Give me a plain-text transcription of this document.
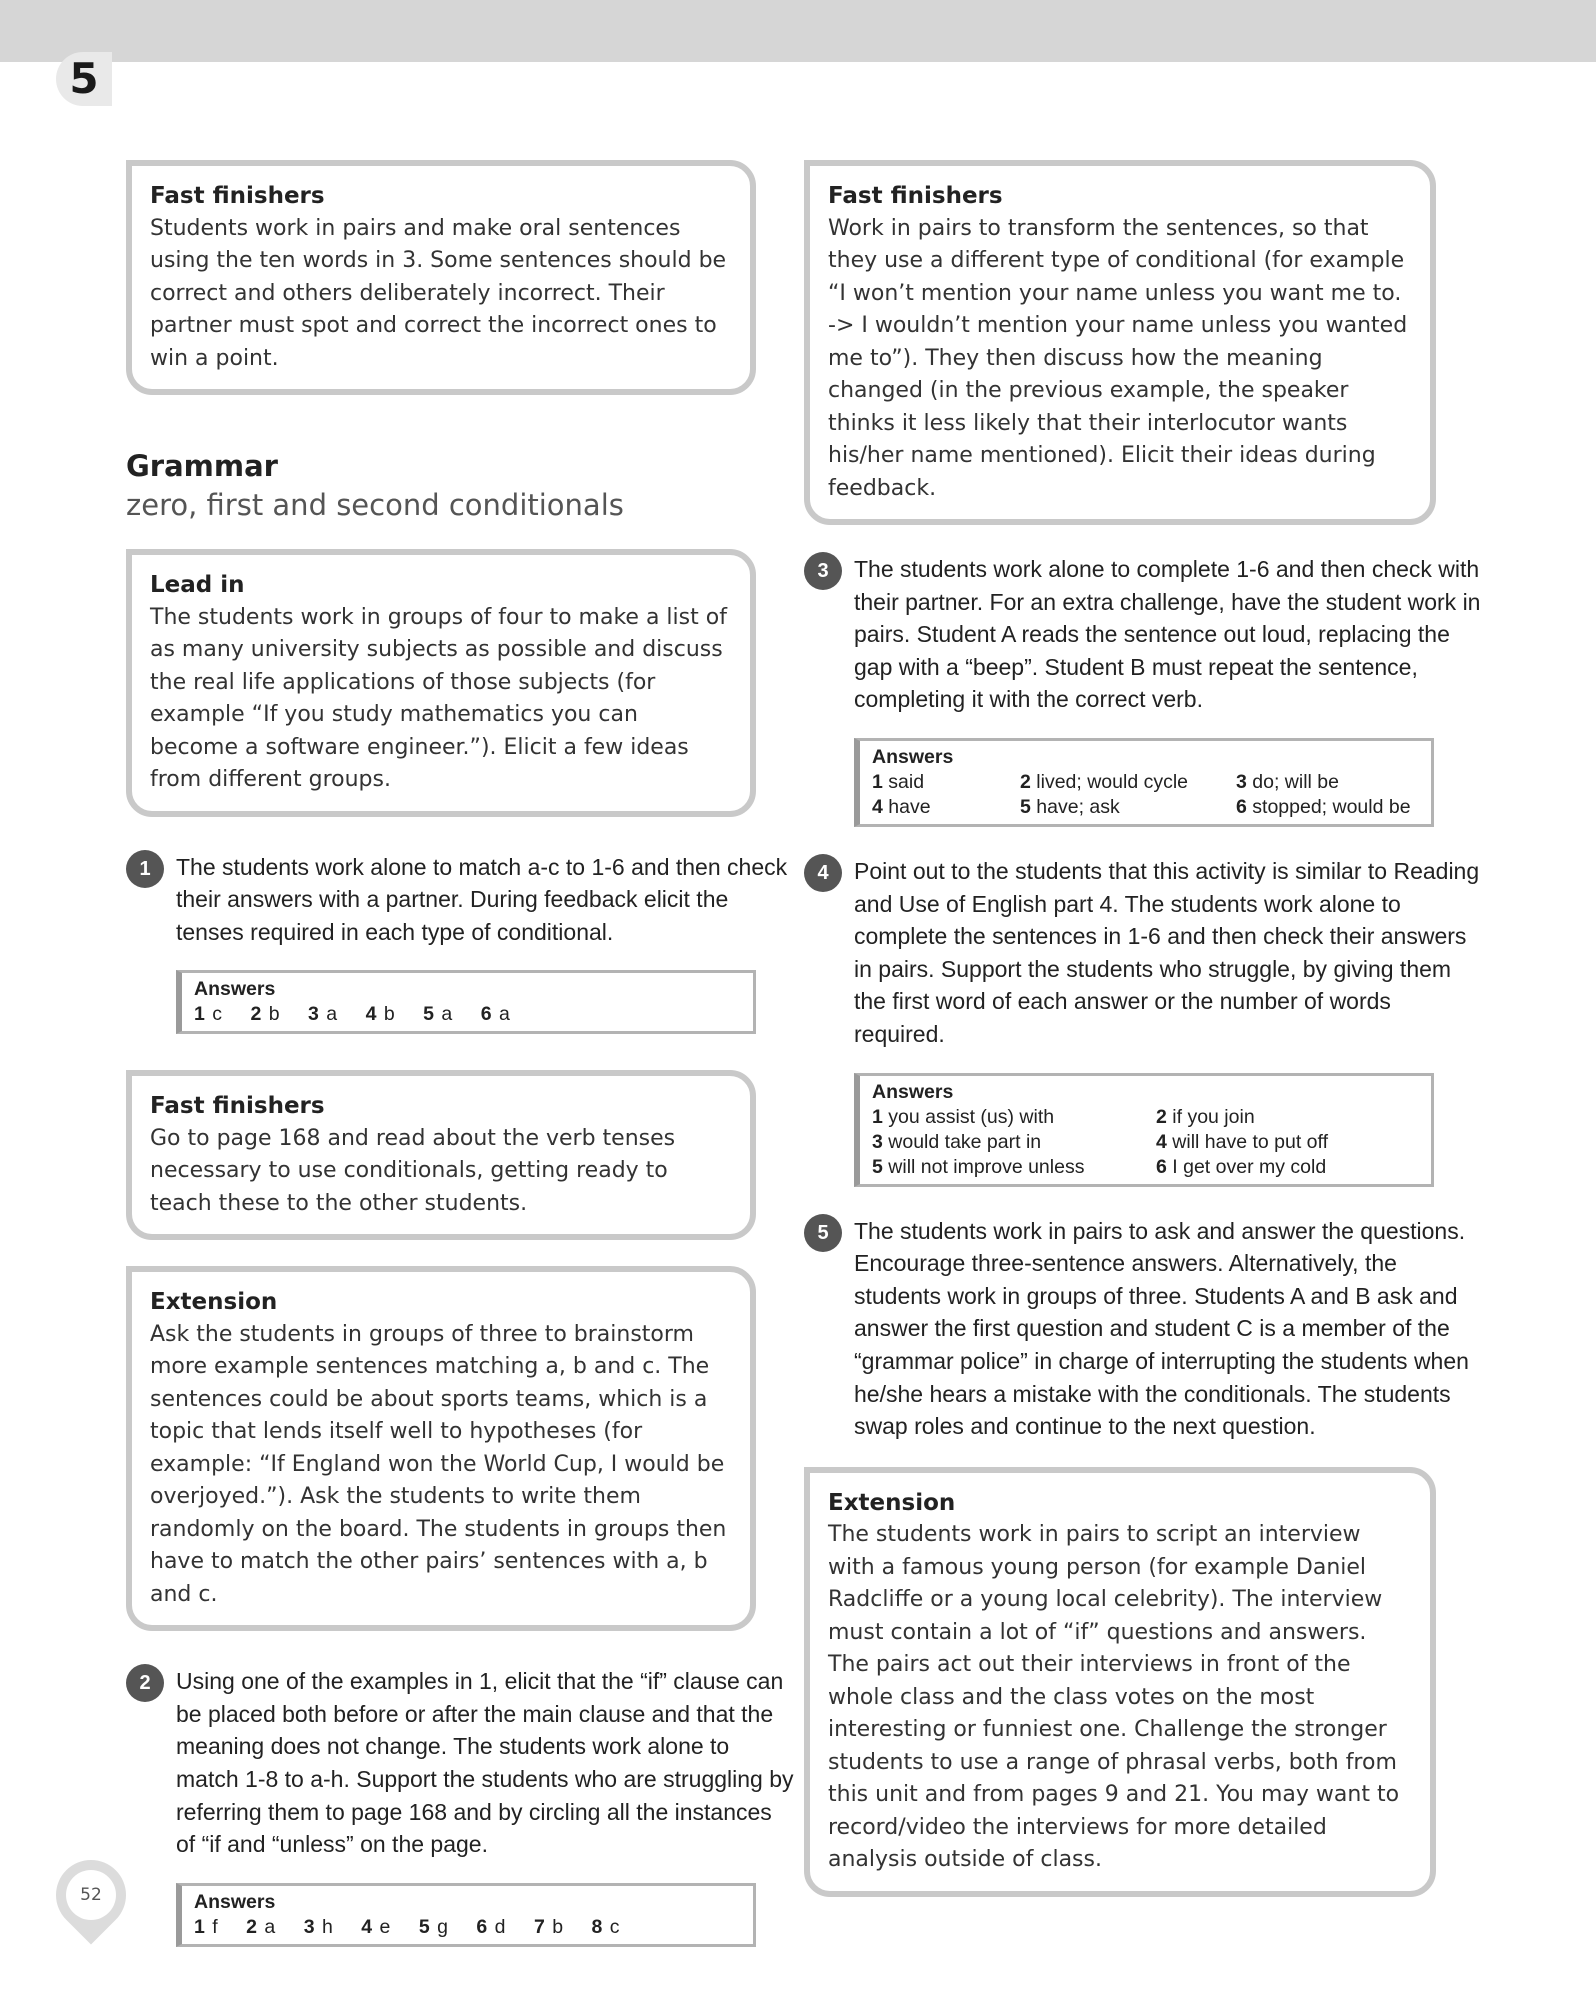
5
Fast finishers
Students work in pairs and make oral sentences using the ten words in 3. Some sentences should be correct and others deliberately incorrect. Their partner must spot and correct the incorrect ones to win a point.
Grammar
zero, first and second conditionals
Lead in
The students work in groups of four to make a list of as many university subjects as possible and discuss the real life applications of those subjects (for example “If you study mathematics you can become a software engineer.”). Elicit a few ideas from different groups.
1	The students work alone to match a-c to 1-6 and then check their answers with a partner. During feedback elicit the tenses required in each type of conditional.
Answers
1 c 2 b 3 a 4 b 5 a 6 a
Fast finishers
Go to page 168 and read about the verb tenses necessary to use conditionals, getting ready to teach these to the other students.
Extension
Ask the students in groups of three to brainstorm more example sentences matching a, b and c. The sentences could be about sports teams, which is a topic that lends itself well to hypotheses (for example: “If England won the World Cup, I would be overjoyed.”). Ask the students to write them randomly on the board. The students in groups then have to match the other pairs’ sentences with a, b and c.
2	Using one of the examples in 1, elicit that the “if” clause can be placed both before or after the main clause and that the meaning does not change. The students work alone to match 1-8 to a-h. Support the students who are struggling by referring them to page 168 and by circling all the instances of “if and “unless” on the page.
Answers
1 f 2 a 3 h 4 e 5 g 6 d 7 b 8 c
Fast finishers
Work in pairs to transform the sentences, so that they use a different type of conditional (for example “I won’t mention your name unless you want me to. -> I wouldn’t mention your name unless you wanted me to”). They then discuss how the meaning changed (in the previous example, the speaker thinks it less likely that their interlocutor wants his/her name mentioned). Elicit their ideas during feedback.
3	The students work alone to complete 1-6 and then check with their partner. For an extra challenge, have the student work in pairs. Student A reads the sentence out loud, replacing the gap with a “beep”. Student B must repeat the sentence, completing it with the correct verb.
Answers
1 said	2 lived; would cycle	3 do; will be
4 have	5 have; ask	6 stopped; would be
4	Point out to the students that this activity is similar to Reading and Use of English part 4. The students work alone to complete the sentences in 1-6 and then check their answers in pairs. Support the students who struggle, by giving them the first word of each answer or the number of words required.
Answers
1 you assist (us) with	2 if you join
3 would take part in	4 will have to put off
5 will not improve unless	6 I get over my cold
5	The students work in pairs to ask and answer the questions. Encourage three-sentence answers. Alternatively, the students work in groups of three. Students A and B ask and answer the first question and student C is a member of the “grammar police” in charge of interrupting the students when he/she hears a mistake with the conditionals. The students swap roles and continue to the next question.
Extension
The students work in pairs to script an interview with a famous young person (for example Daniel Radcliffe or a young local celebrity). The interview must contain a lot of “if” questions and answers. The pairs act out their interviews in front of the whole class and the class votes on the most interesting or funniest one. Challenge the stronger students to use a range of phrasal verbs, both from this unit and from pages 9 and 21. You may want to record/video the interviews for more detailed analysis outside of class.
52
